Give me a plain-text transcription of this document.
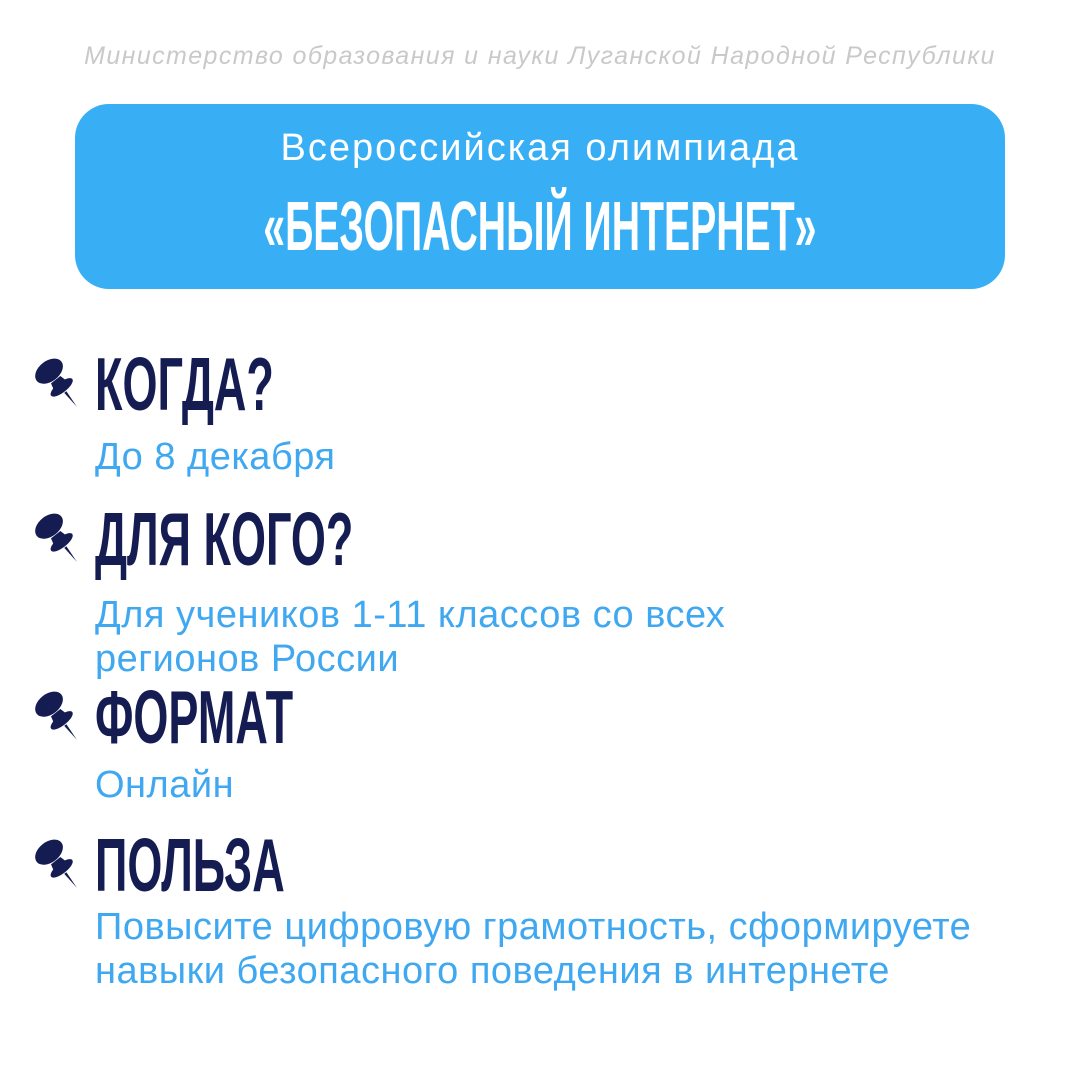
Министерство образования и науки Луганской Народной Республики
Всероссийская олимпиада
«БЕЗОПАСНЫЙ ИНТЕРНЕТ»
КОГДА?
До 8 декабря
ДЛЯ КОГО?
Для учеников 1-11 классов со всех регионов России
ФОРМАТ
Онлайн
ПОЛЬЗА
Повысите цифровую грамотность, сформируете навыки безопасного поведения в интернете
